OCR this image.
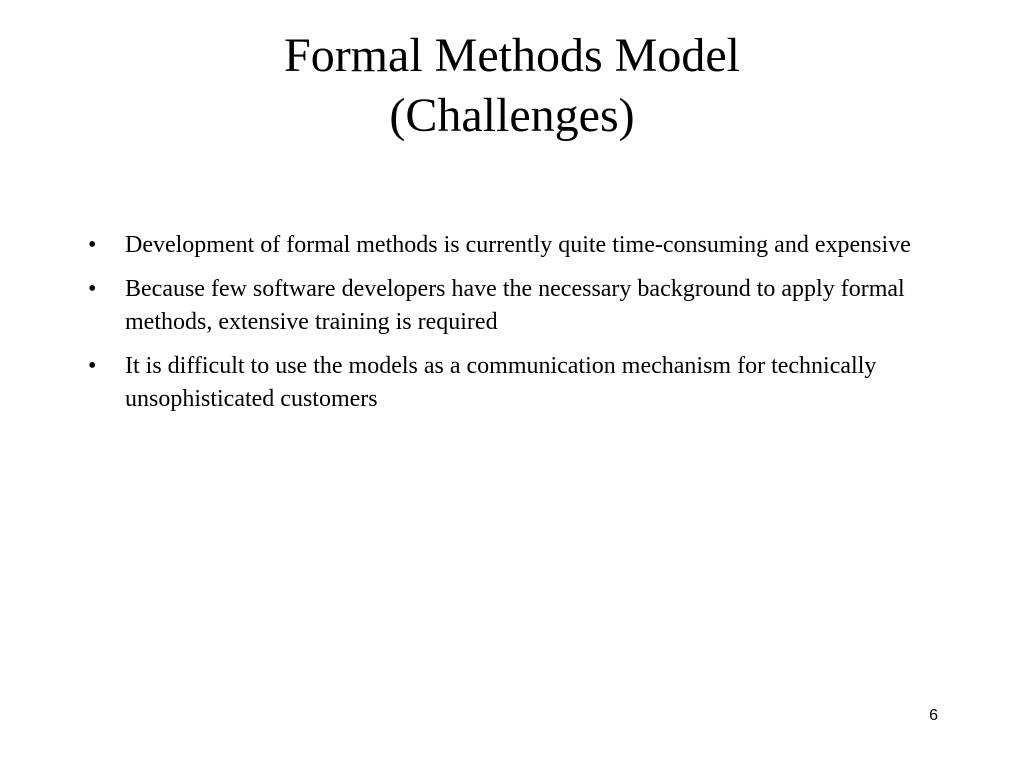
Formal Methods Model
(Challenges)
• Development of formal methods is currently quite time-consuming and expensive
• Because few software developers have the necessary background to apply formal methods, extensive training is required
• It is difficult to use the models as a communication mechanism for technically unsophisticated customers
6
